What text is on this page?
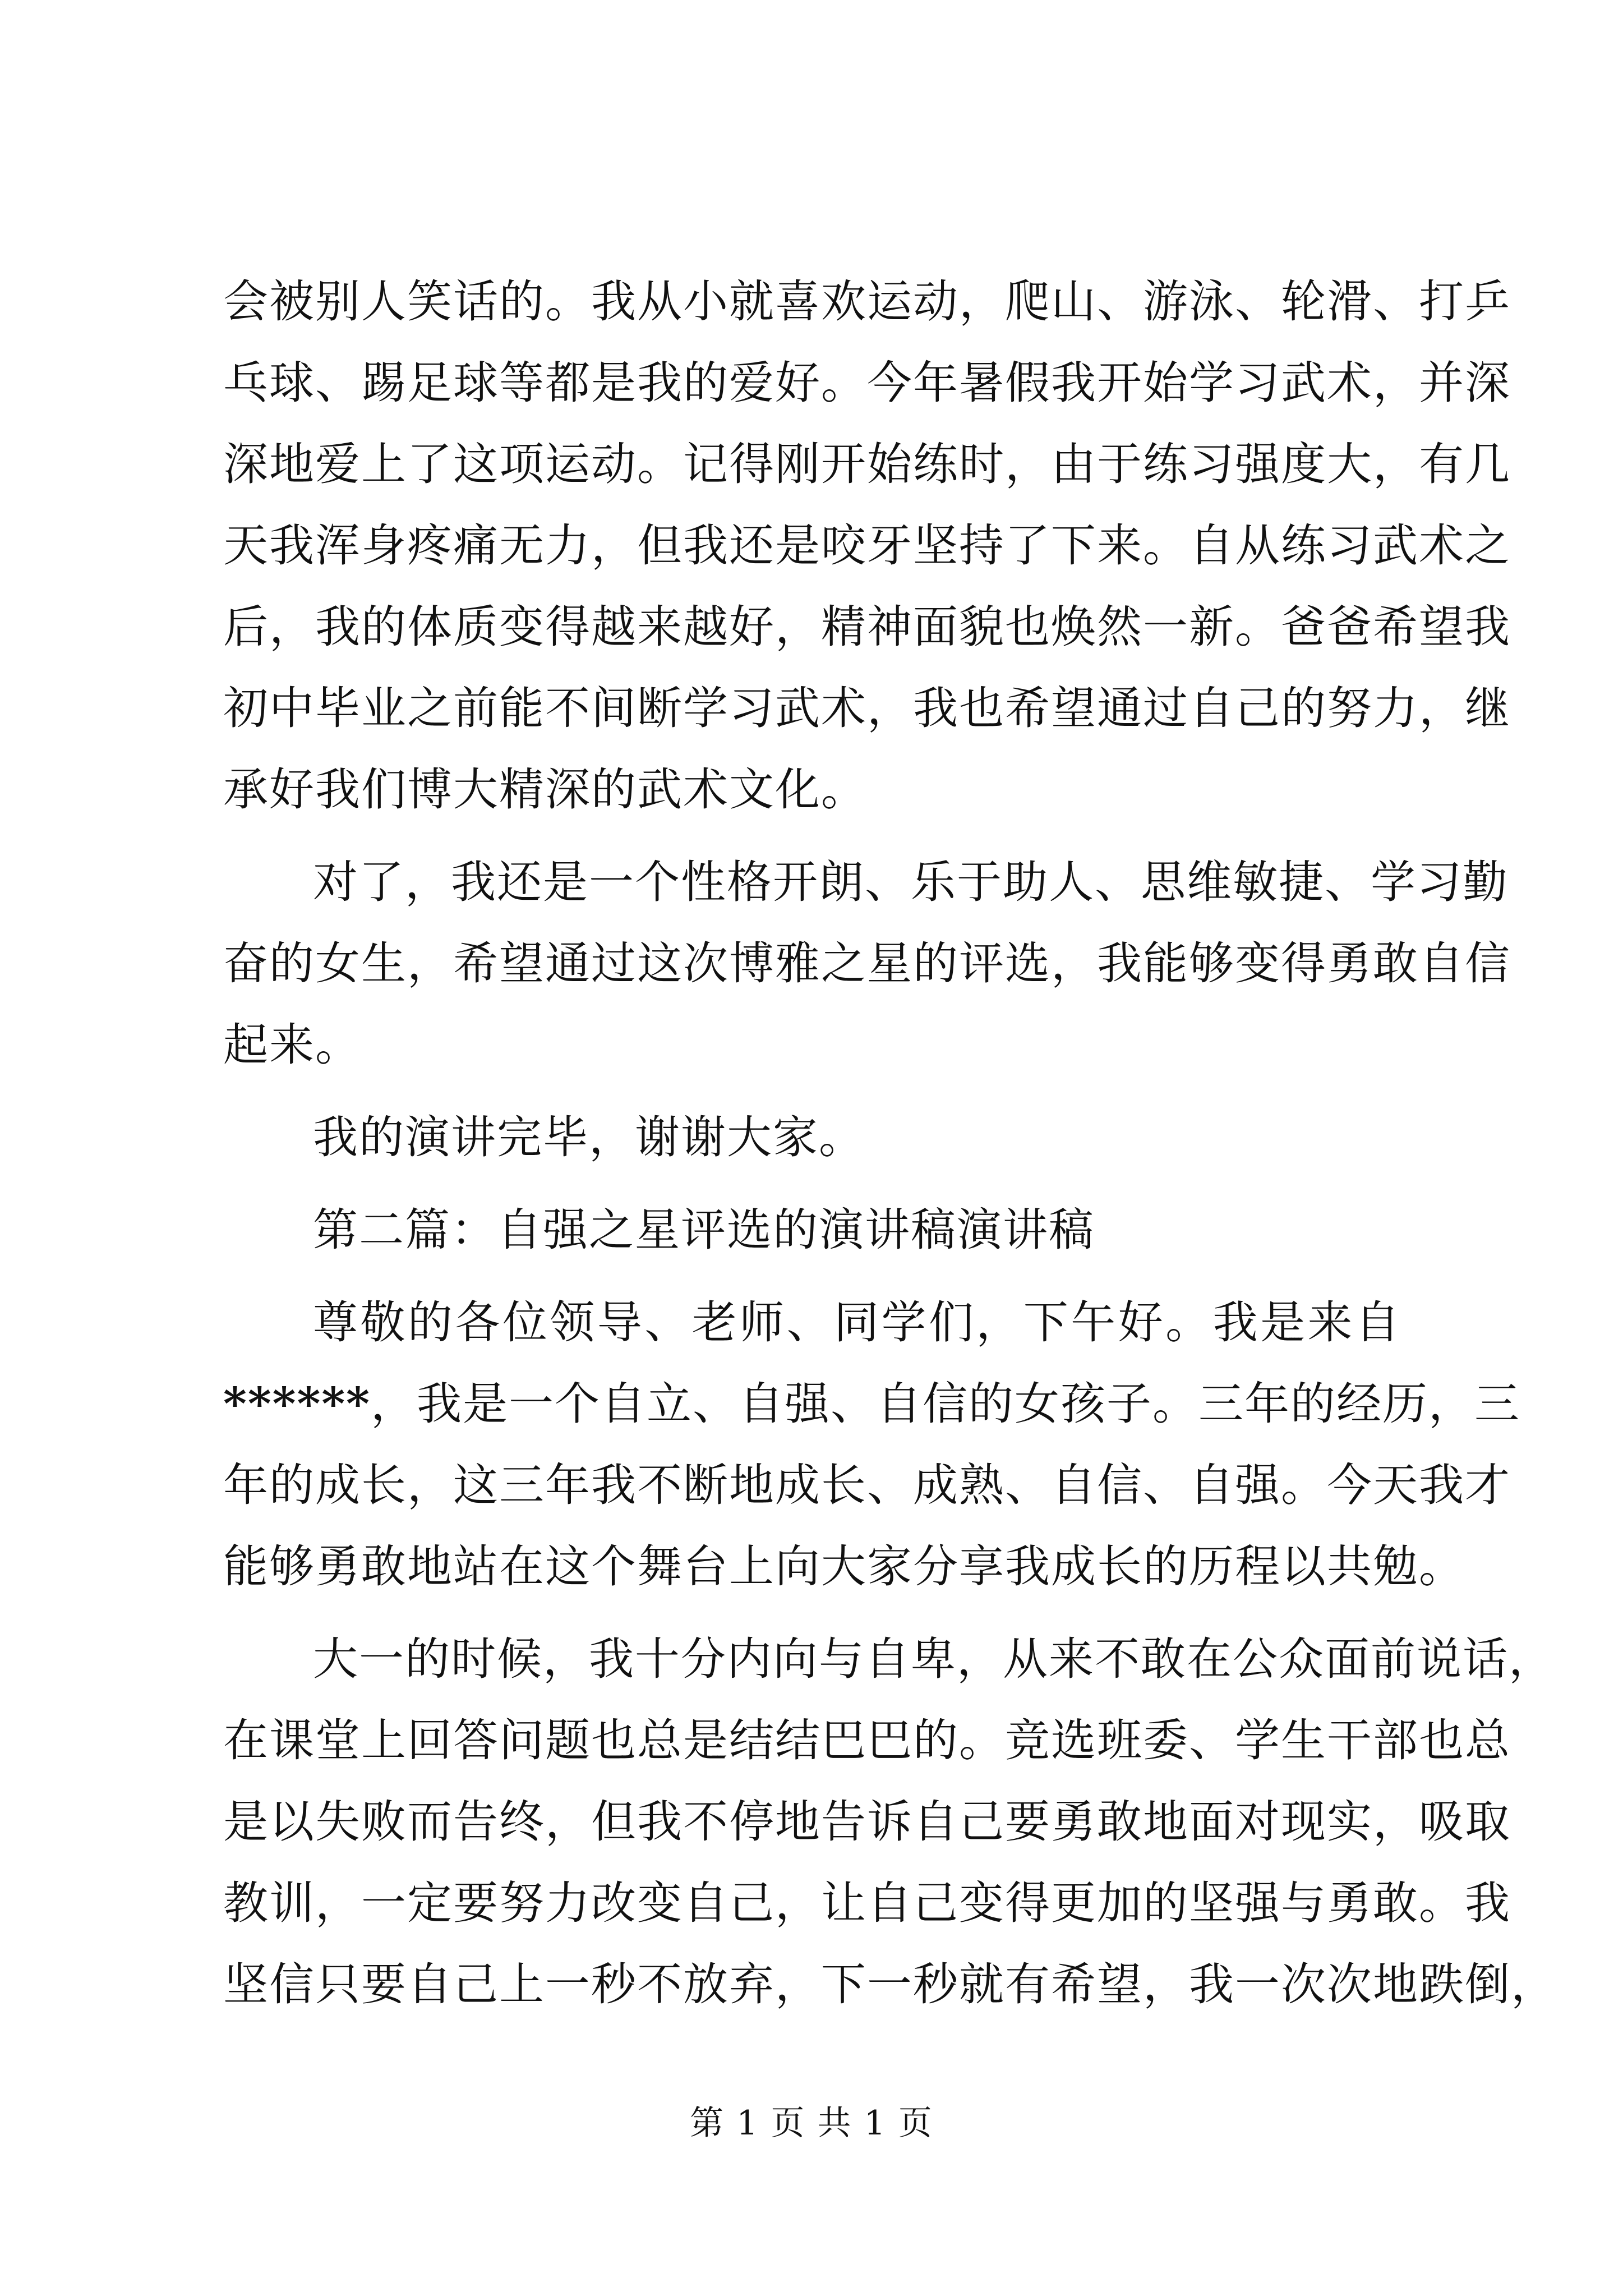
会被别人笑话的。我从小就喜欢运动，爬山、游泳、轮滑、打乒
乓球、踢足球等都是我的爱好。今年暑假我开始学习武术，并深
深地爱上了这项运动。记得刚开始练时，由于练习强度大，有几
天我浑身疼痛无力，但我还是咬牙坚持了下来。自从练习武术之
后，我的体质变得越来越好，精神面貌也焕然一新。爸爸希望我
初中毕业之前能不间断学习武术，我也希望通过自己的努力，继
承好我们博大精深的武术文化。
对了，我还是一个性格开朗、乐于助人、思维敏捷、学习勤
奋的女生，希望通过这次博雅之星的评选，我能够变得勇敢自信
起来。
我的演讲完毕，谢谢大家。
第二篇：自强之星评选的演讲稿演讲稿
尊敬的各位领导、老师、同学们，下午好。我是来自
******，我是一个自立、自强、自信的女孩子。三年的经历，三
年的成长，这三年我不断地成长、成熟、自信、自强。今天我才
能够勇敢地站在这个舞台上向大家分享我成长的历程以共勉。
大一的时候，我十分内向与自卑，从来不敢在公众面前说话，
在课堂上回答问题也总是结结巴巴的。竞选班委、学生干部也总
是以失败而告终，但我不停地告诉自己要勇敢地面对现实，吸取
教训，一定要努力改变自己，让自己变得更加的坚强与勇敢。我
坚信只要自己上一秒不放弃，下一秒就有希望，我一次次地跌倒，
第 1 页 共 1 页
